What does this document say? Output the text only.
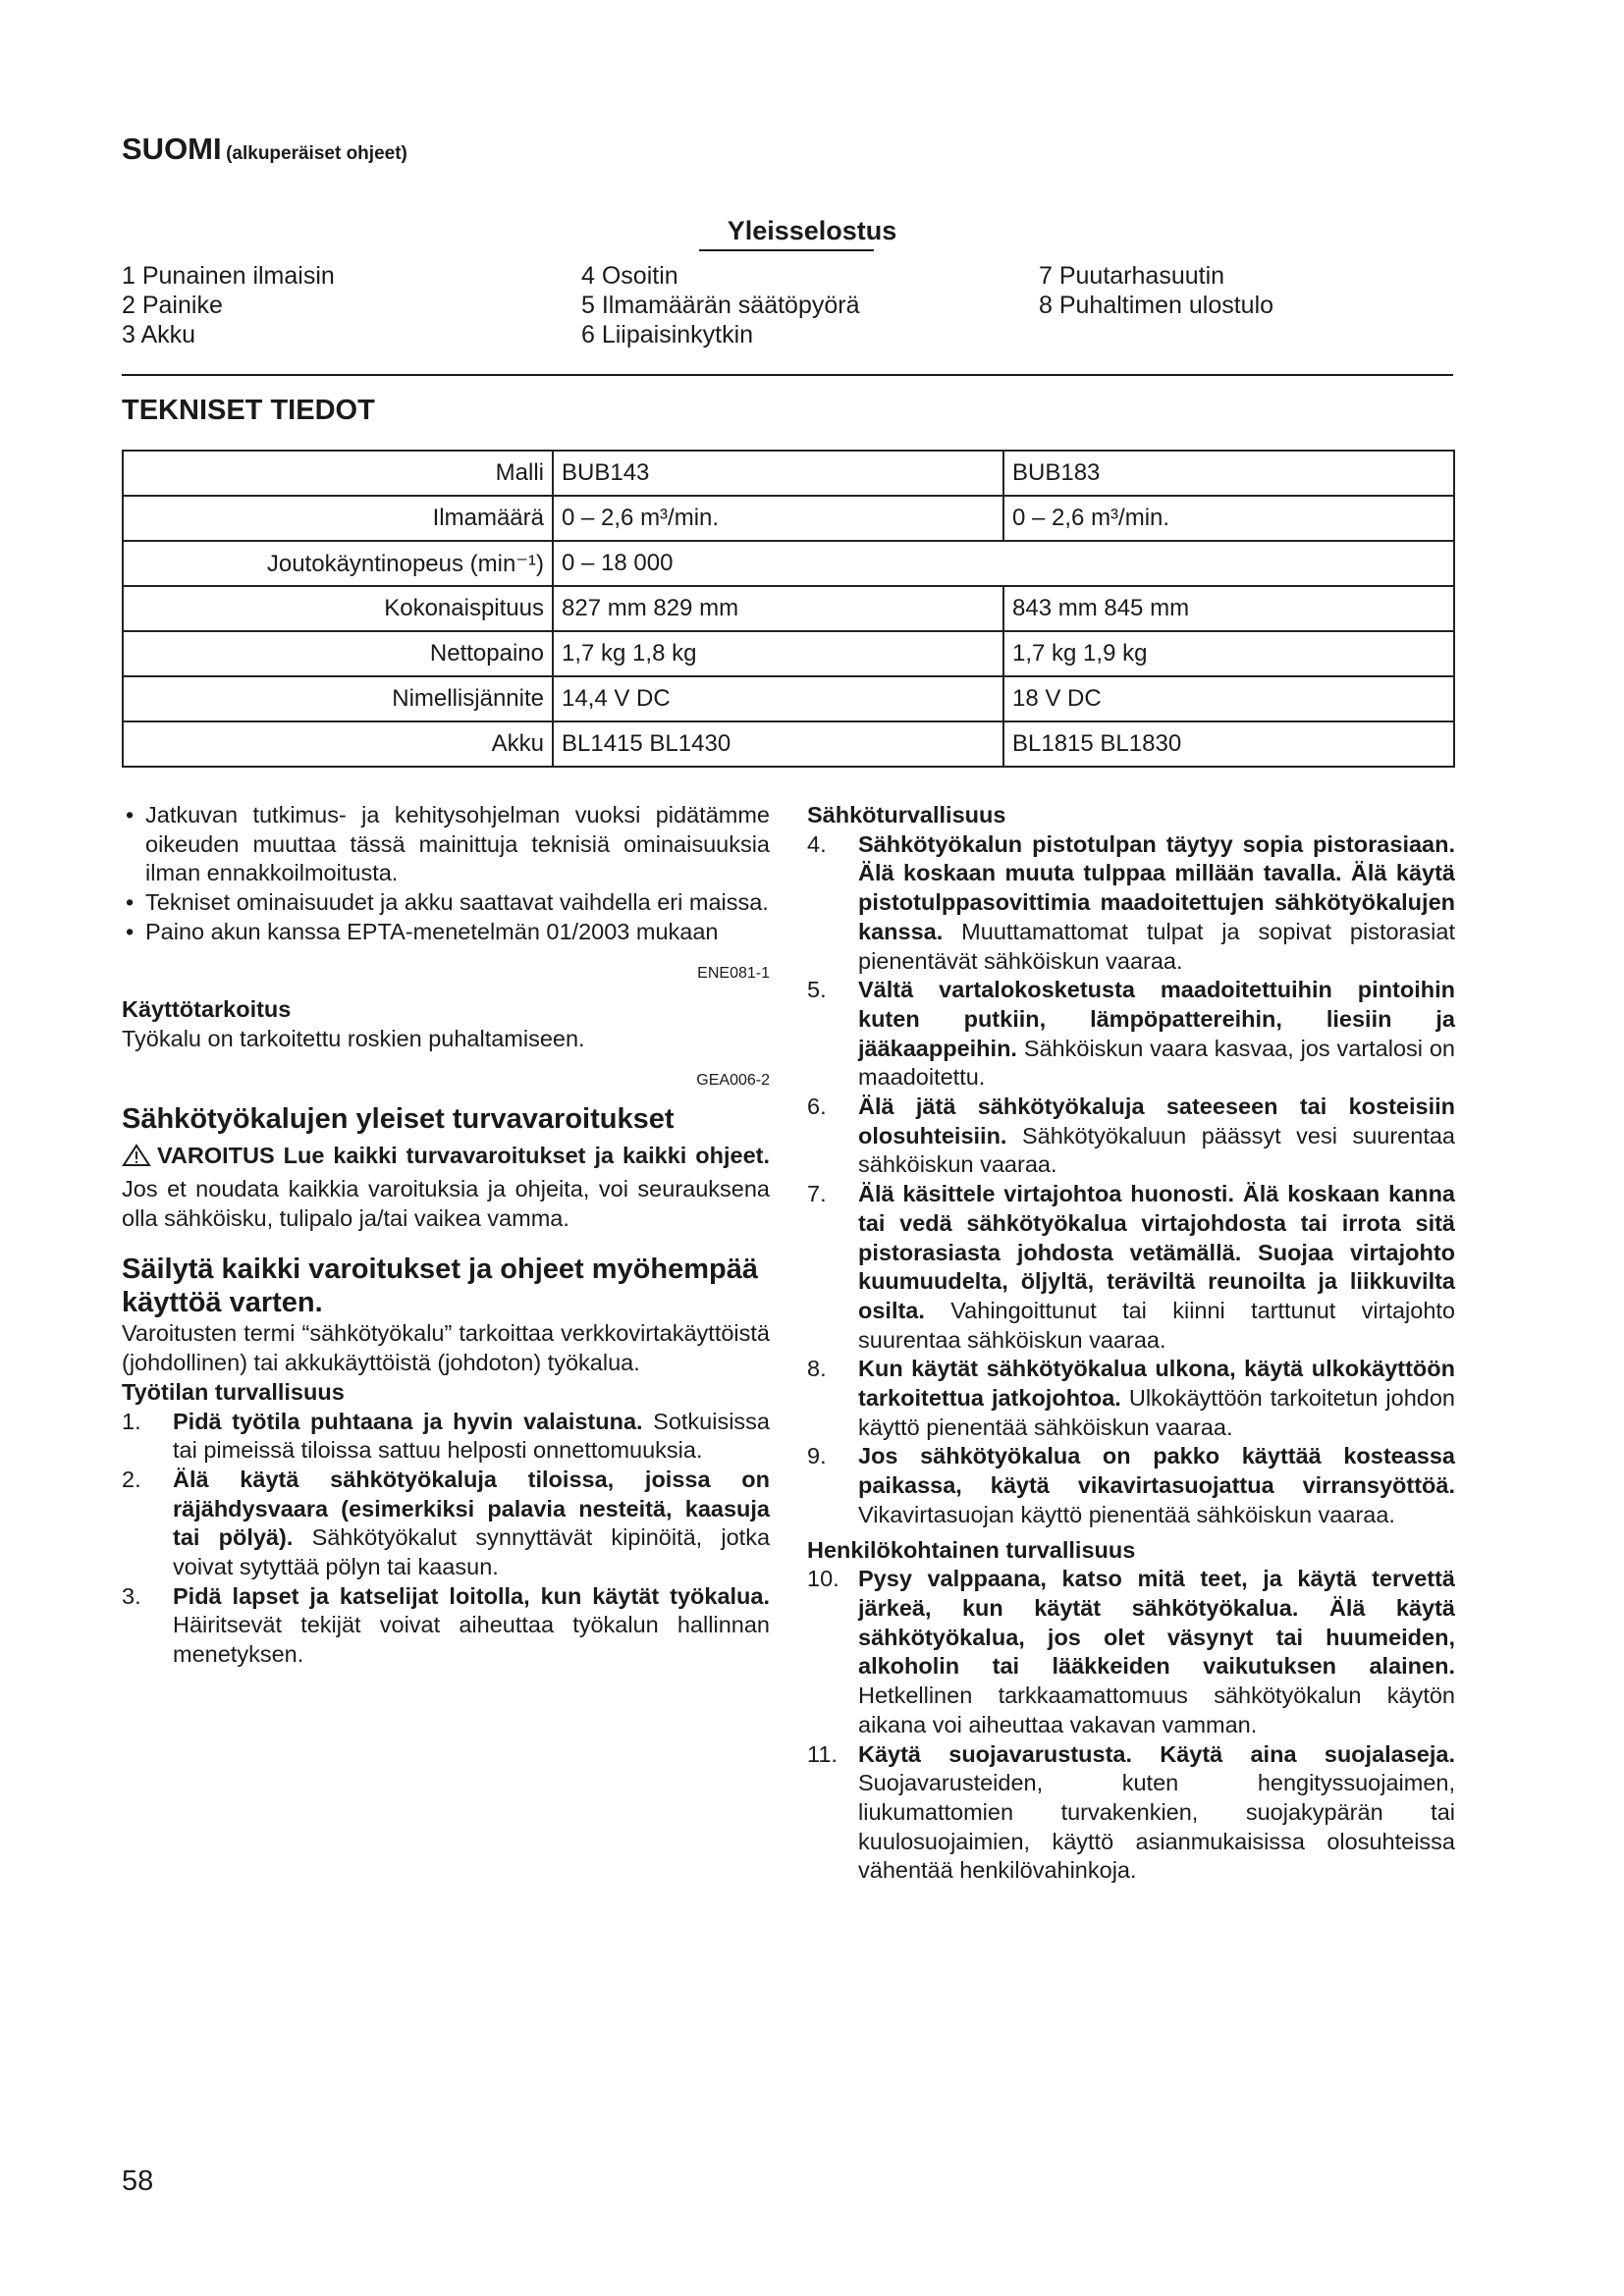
SUOMI (alkuperäiset ohjeet)
Yleisselostus
1 Punainen ilmaisin
2 Painike
3 Akku
4 Osoitin
5 Ilmamäärän säätöpyörä
6 Liipaisinkytkin
7 Puutarhasuutin
8 Puhaltimen ulostulo
TEKNISET TIEDOT
Malli	BUB143	BUB183
Ilmamäärä	0 – 2,6 m³/min.	0 – 2,6 m³/min.
Joutokäyntinopeus (min⁻¹)	0 – 18 000	
Kokonaispituus	827 mm 829 mm	843 mm 845 mm
Nettopaino	1,7 kg 1,8 kg	1,7 kg 1,9 kg
Nimellisjännite	14,4 V DC	18 V DC
Akku	BL1415 BL1430	BL1815 BL1830

• Jatkuvan tutkimus- ja kehitysohjelman vuoksi pidätämme oikeuden muuttaa tässä mainittuja teknisiä ominaisuuksia ilman ennakkoilmoitusta.

• Tekniset ominaisuudet ja akku saattavat vaihdella eri maissa.

• Paino akun kanssa EPTA-menetelmän 01/2003 mukaan

ENE081-1

Käyttötarkoitus

Työkalu on tarkoitettu roskien puhaltamiseen.

GEA006-2

Sähkötyökalujen yleiset turvavaroitukset

VAROITUS Lue kaikki turvavaroitukset ja kaikki ohjeet. Jos et noudata kaikkia varoituksia ja ohjeita, voi seurauksena olla sähköisku, tulipalo ja/tai vaikea vamma.

Säilytä kaikki varoitukset ja ohjeet myöhempää käyttöä varten.

Varoitusten termi “sähkötyökalu” tarkoittaa verkkovirtakäyttöistä (johdollinen) tai akkukäyttöistä (johdoton) työkalua.

Työtilan turvallisuus

1. Pidä työtila puhtaana ja hyvin valaistuna. Sotkuisissa tai pimeissä tiloissa sattuu helposti onnettomuuksia.
2. Älä käytä sähkötyökaluja tiloissa, joissa on räjähdysvaara (esimerkiksi palavia nesteitä, kaasuja tai pölyä). Sähkötyökalut synnyttävät kipinöitä, jotka voivat sytyttää pölyn tai kaasun.
3. Pidä lapset ja katselijat loitolla, kun käytät työkalua. Häiritsevät tekijät voivat aiheuttaa työkalun hallinnan menetyksen.

Sähköturvallisuus

4. Sähkötyökalun pistotulpan täytyy sopia pistorasiaan. Älä koskaan muuta tulppaa millään tavalla. Älä käytä pistotulppasovittimia maadoitettujen sähkötyökalujen kanssa. Muuttamattomat tulpat ja sopivat pistorasiat pienentävät sähköiskun vaaraa.
5. Vältä vartalokosketusta maadoitettuihin pintoihin kuten putkiin, lämpöpattereihin, liesiin ja jääkaappeihin. Sähköiskun vaara kasvaa, jos vartalosi on maadoitettu.
6. Älä jätä sähkötyökaluja sateeseen tai kosteisiin olosuhteisiin. Sähkötyökaluun päässyt vesi suurentaa sähköiskun vaaraa.
7. Älä käsittele virtajohtoa huonosti. Älä koskaan kanna tai vedä sähkötyökalua virtajohdosta tai irrota sitä pistorasiasta johdosta vetämällä. Suojaa virtajohto kuumuudelta, öljyltä, teräviltä reunoilta ja liikkuvilta osilta. Vahingoittunut tai kiinni tarttunut virtajohto suurentaa sähköiskun vaaraa.
8. Kun käytät sähkötyökalua ulkona, käytä ulkokäyttöön tarkoitettua jatkojohtoa. Ulkokäyttöön tarkoitetun johdon käyttö pienentää sähköiskun vaaraa.
9. Jos sähkötyökalua on pakko käyttää kosteassa paikassa, käytä vikavirtasuojattua virransyöttöä. Vikavirtasuojan käyttö pienentää sähköiskun vaaraa.

Henkilökohtainen turvallisuus

10. Pysy valppaana, katso mitä teet, ja käytä tervettä järkeä, kun käytät sähkötyökalua. Älä käytä sähkötyökalua, jos olet väsynyt tai huumeiden, alkoholin tai lääkkeiden vaikutuksen alainen. Hetkellinen tarkkaamattomuus sähkötyökalun käytön aikana voi aiheuttaa vakavan vamman.
11. Käytä suojavarustusta. Käytä aina suojalaseja. Suojavarusteiden, kuten hengityssuojaimen, liukumattomien turvakenkien, suojakypärän tai kuulosuojaimien, käyttö asianmukaisissa olosuhteissa vähentää henkilövahinkoja.
58
